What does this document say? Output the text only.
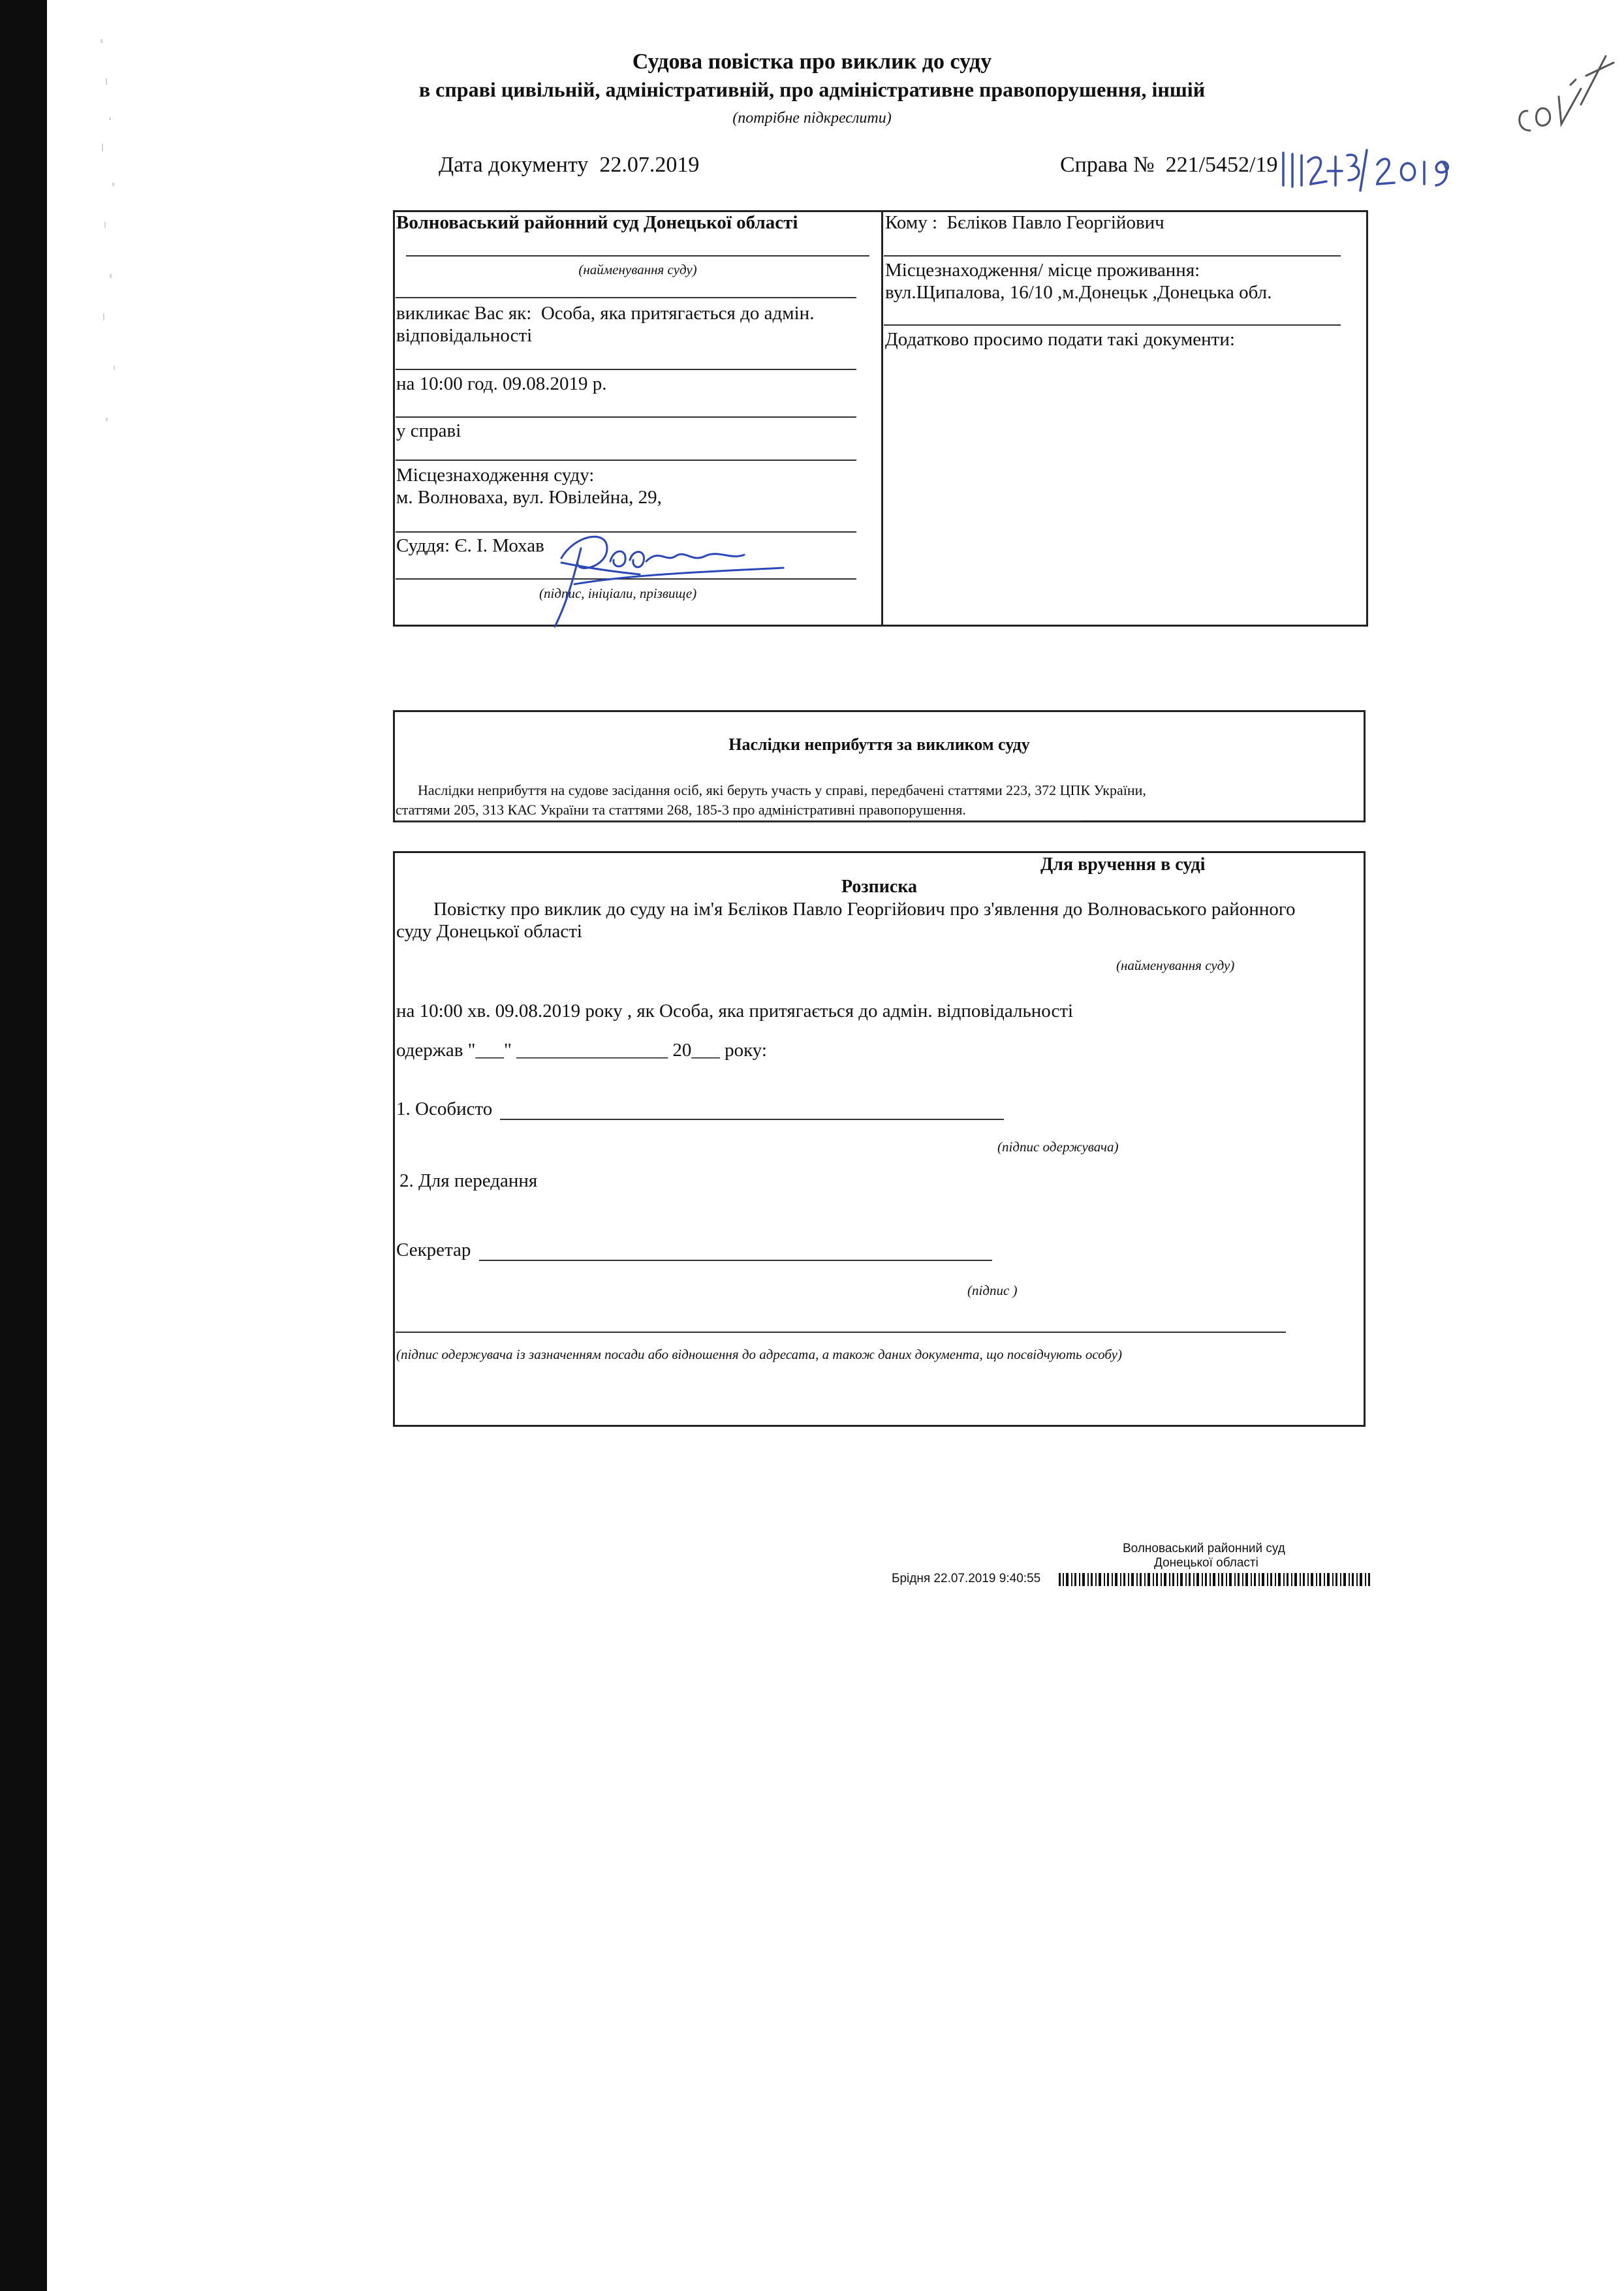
Судова повістка про виклик до суду
в справі цивільній, адміністративній, про адміністративне правопорушення, іншій
(потрібне підкреслити)
Дата документу 22.07.2019	Справа № 221/5452/19
Волноваський районний суд Донецької області
(найменування суду)
викликає Вас як: Особа, яка притягається до адмін.
відповідальності
на 10:00 год. 09.08.2019 р.
у справі
Місцезнаходження суду:
м. Волноваха, вул. Ювілейна, 29,
Суддя: Є. І. Мохав
(підпис, ініціали, прізвище)
Кому : Бєліков Павло Георгійович
Місцезнаходження/ місце проживання:
вул.Щипалова, 16/10 ,м.Донецьк ,Донецька обл.
Додатково просимо подати такі документи:
Наслідки неприбуття за викликом суду
Наслідки неприбуття на судове засідання осіб, які беруть участь у справі, передбачені статтями 223, 372 ЦПК України,
статтями 205, 313 КАС України та статтями 268, 185-3 про адміністративні правопорушення.
Для вручення в суді
Розписка
Повістку про виклик до суду на ім'я Бєліков Павло Георгійович про з'явлення до Волноваського районного
суду Донецької області
(найменування суду)
на 10:00 хв. 09.08.2019 року , як Особа, яка притягається до адмін. відповідальності
одержав "___" ________________ 20___ року:
1. Особисто
(підпис одержувача)
2. Для передання
Секретар
(підпис )
(підпис одержувача із зазначенням посади або відношення до адресата, а також даних документа, що посвідчують особу)
Волноваський районний суд
Донецької області
Брідня 22.07.2019 9:40:55
